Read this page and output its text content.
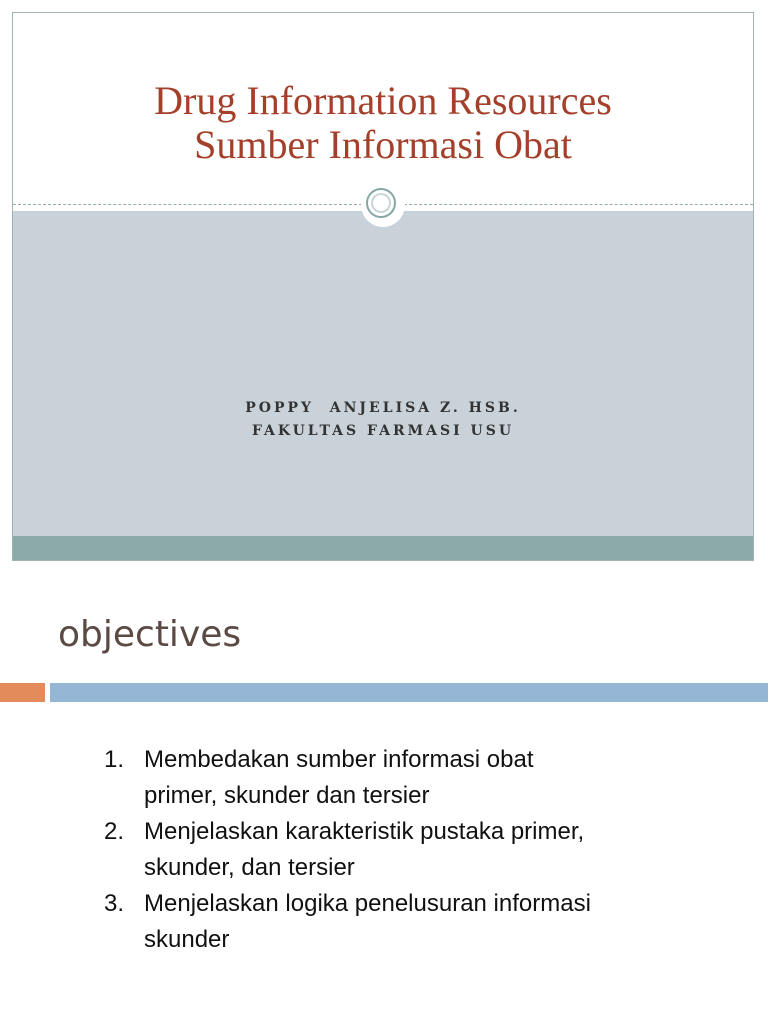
Drug Information Resources
Sumber Informasi Obat
POPPY  ANJELISA Z. HSB.
FAKULTAS FARMASI USU
objectives
1. Membedakan sumber informasi obat
primer, skunder dan tersier
2. Menjelaskan karakteristik pustaka primer,
skunder, dan tersier
3. Menjelaskan logika penelusuran informasi
skunder
